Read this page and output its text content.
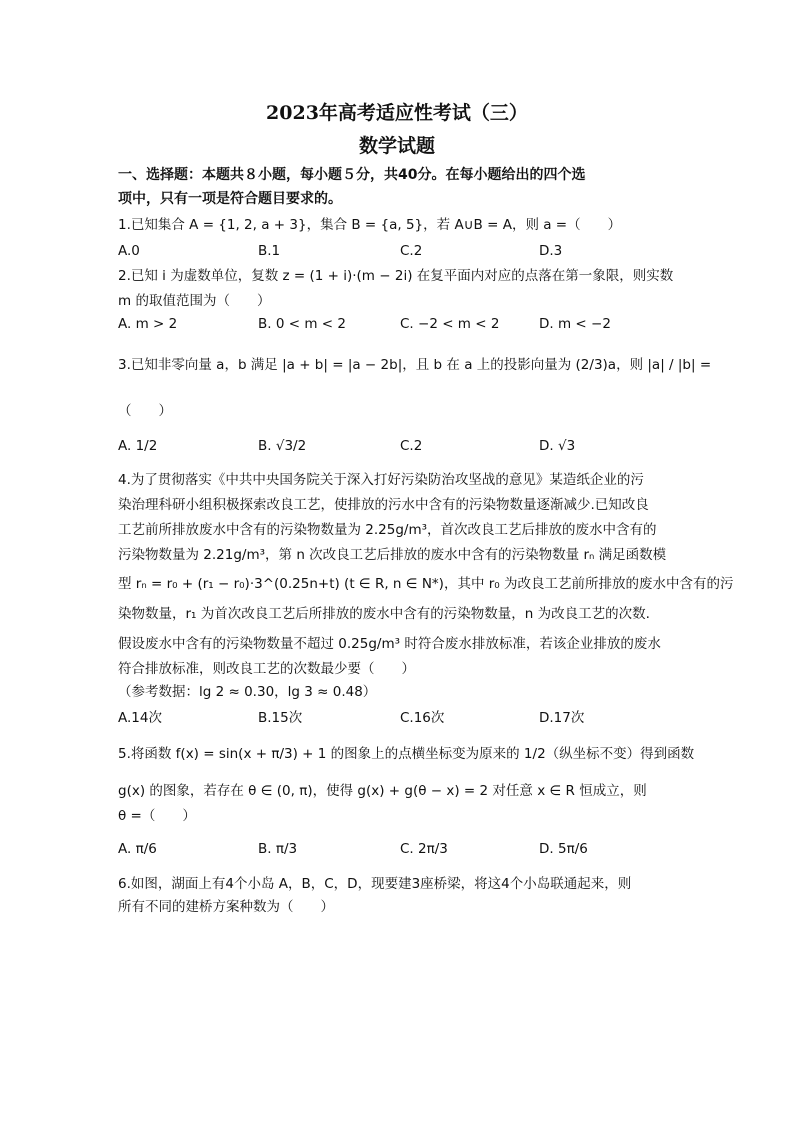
2023年高考适应性考试（三）
数学试题
一、选择题：本题共８小题，每小题５分，共40分。在每小题给出的四个选
项中，只有一项是符合题目要求的。
1.已知集合 A = {1, 2, a + 3}，集合 B = {a, 5}，若 A∪B = A，则 a =（　　）
A.0	B.1	C.2	D.3
2.已知 i 为虚数单位，复数 z = (1 + i)·(m − 2i) 在复平面内对应的点落在第一象限，则实数
m 的取值范围为（　　）
A. m > 2	B. 0 < m < 2	C. −2 < m < 2	D. m < −2
3.已知非零向量 a，b 满足 |a + b| = |a − 2b|，且 b 在 a 上的投影向量为 (2/3)a，则 |a| / |b| =
（　　）
A. 1/2	B. √3/2	C.2	D. √3
4.为了贯彻落实《中共中央国务院关于深入打好污染防治攻坚战的意见》某造纸企业的污
染治理科研小组积极探索改良工艺，使排放的污水中含有的污染物数量逐渐减少.已知改良
工艺前所排放废水中含有的污染物数量为 2.25g/m³，首次改良工艺后排放的废水中含有的
污染物数量为 2.21g/m³，第 n 次改良工艺后排放的废水中含有的污染物数量 rₙ 满足函数模
型 rₙ = r₀ + (r₁ − r₀)·3^(0.25n+t) (t ∈ R, n ∈ N*)，其中 r₀ 为改良工艺前所排放的废水中含有的污
染物数量，r₁ 为首次改良工艺后所排放的废水中含有的污染物数量，n 为改良工艺的次数.
假设废水中含有的污染物数量不超过 0.25g/m³ 时符合废水排放标准，若该企业排放的废水
符合排放标准，则改良工艺的次数最少要（　　）
（参考数据：lg 2 ≈ 0.30，lg 3 ≈ 0.48）
A.14次	B.15次	C.16次	D.17次
5.将函数 f(x) = sin(x + π/3) + 1 的图象上的点横坐标变为原来的 1/2（纵坐标不变）得到函数
g(x) 的图象，若存在 θ ∈ (0, π)，使得 g(x) + g(θ − x) = 2 对任意 x ∈ R 恒成立，则
θ =（　　）
A. π/6	B. π/3	C. 2π/3	D. 5π/6
6.如图，湖面上有4个小岛 A，B，C，D，现要建3座桥梁，将这4个小岛联通起来，则
所有不同的建桥方案种数为（　　）
